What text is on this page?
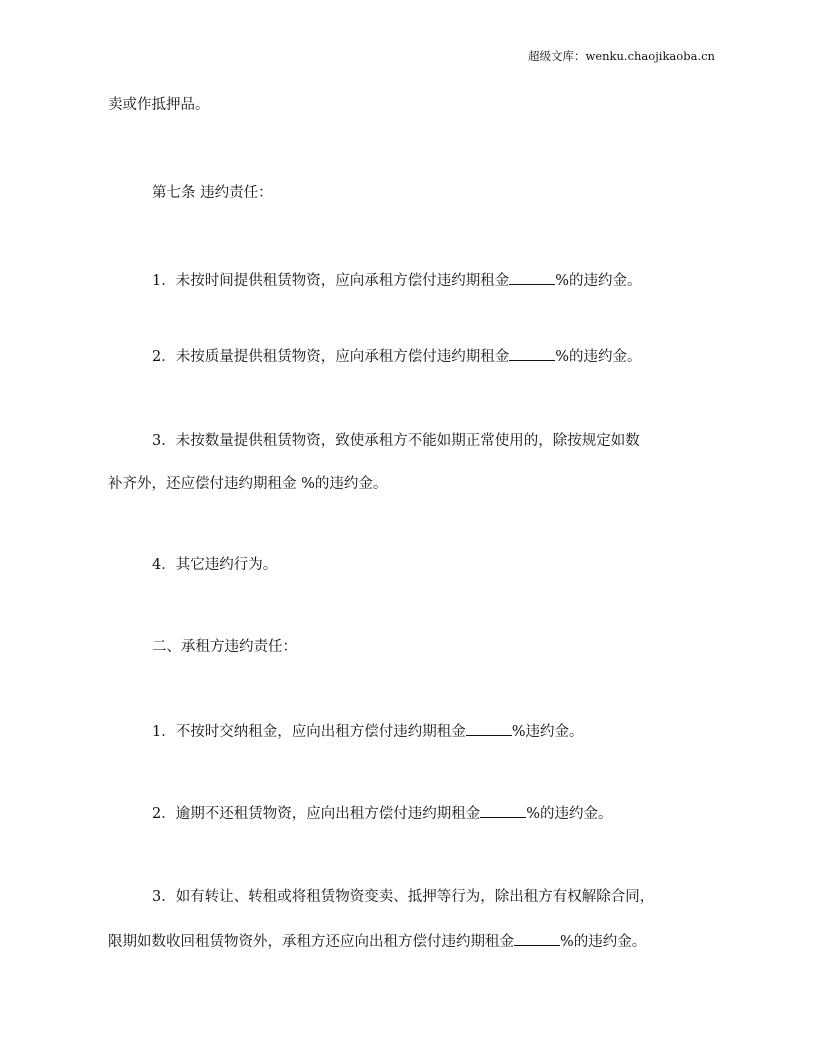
超级文库：wenku.chaojikaoba.cn
卖或作抵押品。
第七条 违约责任：
1．未按时间提供租赁物资，应向承租方偿付违约期租金	%的违约金。
2．未按质量提供租赁物资，应向承租方偿付违约期租金	%的违约金。
3．未按数量提供租赁物资，致使承租方不能如期正常使用的，除按规定如数
补齐外，还应偿付违约期租金 %的违约金。
4．其它违约行为。
二、承租方违约责任：
1．不按时交纳租金，应向出租方偿付违约期租金	%违约金。
2．逾期不还租赁物资，应向出租方偿付违约期租金	%的违约金。
3．如有转让、转租或将租赁物资变卖、抵押等行为，除出租方有权解除合同，
限期如数收回租赁物资外，承租方还应向出租方偿付违约期租金	%的违约金。
